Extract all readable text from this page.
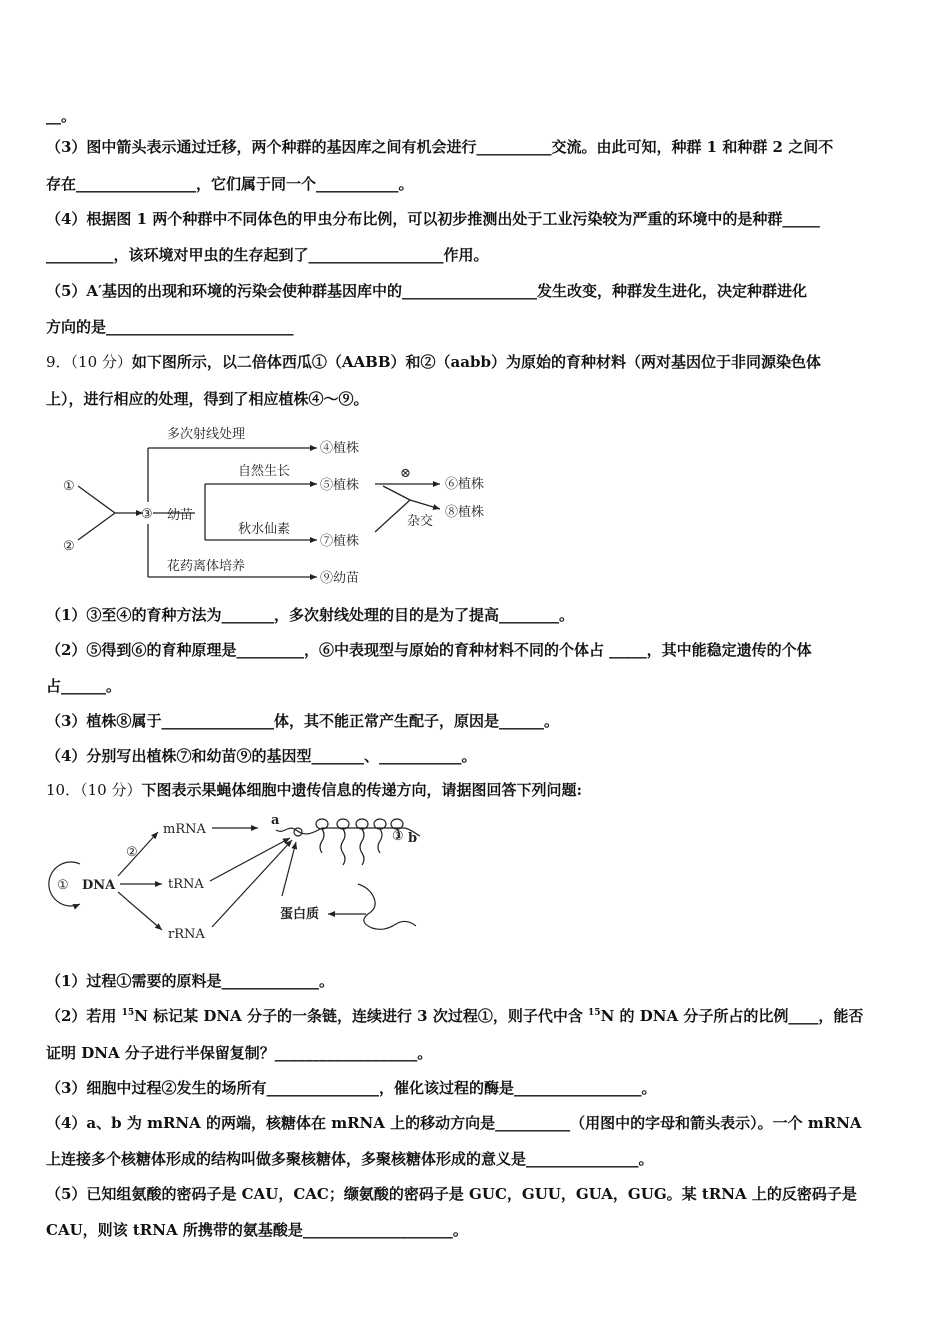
__。
（3）图中箭头表示通过迁移，两个种群的基因库之间有机会进行__________交流。由此可知，种群 1 和种群 2 之间不
存在________________，它们属于同一个___________。
（4）根据图 1 两个种群中不同体色的甲虫分布比例，可以初步推测出处于工业污染较为严重的环境中的是种群_____
_________，该环境对甲虫的生存起到了__________________作用。
（5）A′基因的出现和环境的污染会使种群基因库中的__________________发生改变，种群发生进化，决定种群进化
方向的是_________________________
9．（10 分）如下图所示，以二倍体西瓜①（AABB）和②（aabb）为原始的育种材料（两对基因位于非同源染色体
上），进行相应的处理，得到了相应植株④～⑨。
①
②
③ 幼苗
多次射线处理
自然生长
秋水仙素
花药离体培养
⊗
杂交
④植株
⑤植株	⑥植株
⑦植株
⑧植株
⑨幼苗
（1）③至④的育种方法为_______，多次射线处理的目的是为了提高________。
（2）⑤得到⑥的育种原理是_________，⑥中表现型与原始的育种材料不同的个体占 _____，其中能稳定遗传的个体
占______。
（3）植株⑧属于_______________体，其不能正常产生配子，原因是______。
（4）分别写出植株⑦和幼苗⑨的基因型_______、___________。
10．（10 分）下图表示果蝇体细胞中遗传信息的传递方向，请据图回答下列问题:
① DNA
②
mRNA
tRNA
rRNA
a
③ b
蛋白质
（1）过程①需要的原料是_____________。
（2）若用 $^{15}$N 标记某 DNA 分子的一条链，连续进行 3 次过程①，则子代中含 $^{15}$N 的 DNA 分子所占的比例____，能否
证明 DNA 分子进行半保留复制？___________________。
（3）细胞中过程②发生的场所有_______________，催化该过程的酶是_________________。
（4）a、b 为 mRNA 的两端，核糖体在 mRNA 上的移动方向是__________（用图中的字母和箭头表示）。一个 mRNA
上连接多个核糖体形成的结构叫做多聚核糖体，多聚核糖体形成的意义是_______________。
（5）已知组氨酸的密码子是 CAU，CAC；缬氨酸的密码子是 GUC，GUU，GUA，GUG。某 tRNA 上的反密码子是
CAU，则该 tRNA 所携带的氨基酸是____________________。
